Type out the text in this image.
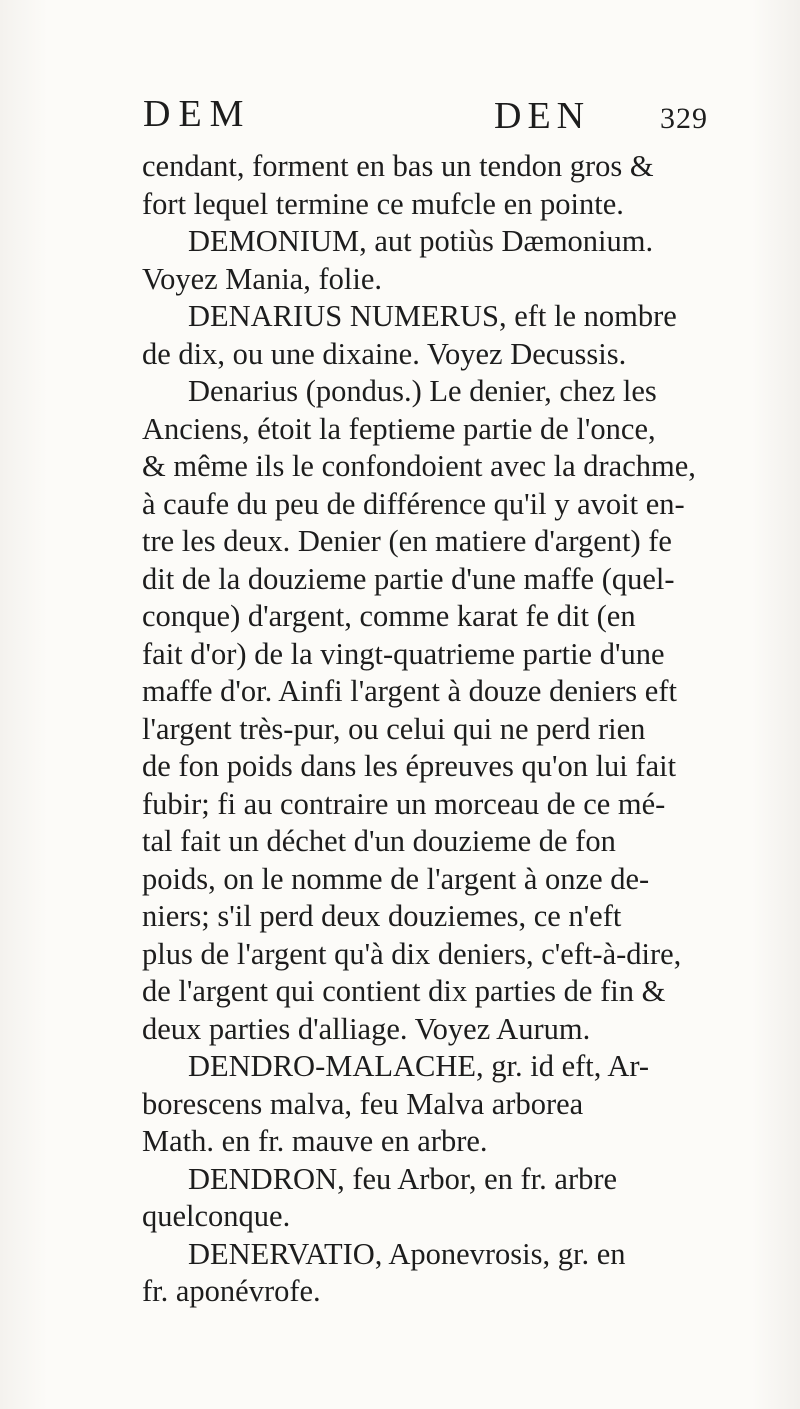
DEM	DEN 329

cendant, forment en bas un tendon gros &
fort lequel termine ce mufcle en pointe.

DEMONIUM, aut potiùs Dæmonium.
Voyez Mania, folie.

DENARIUS NUMERUS, eft le nombre
de dix, ou une dixaine. Voyez Decussis.

Denarius (pondus.) Le denier, chez les
Anciens, étoit la feptieme partie de l'once,
& même ils le confondoient avec la drachme,
à caufe du peu de différence qu'il y avoit en-
tre les deux. Denier (en matiere d'argent) fe
dit de la douzieme partie d'une maffe (quel-
conque) d'argent, comme karat fe dit (en
fait d'or) de la vingt-quatrieme partie d'une
maffe d'or. Ainfi l'argent à douze deniers eft
l'argent très-pur, ou celui qui ne perd rien
de fon poids dans les épreuves qu'on lui fait
fubir; fi au contraire un morceau de ce mé-
tal fait un déchet d'un douzieme de fon
poids, on le nomme de l'argent à onze de-
niers; s'il perd deux douziemes, ce n'eft
plus de l'argent qu'à dix deniers, c'eft-à-dire,
de l'argent qui contient dix parties de fin &
deux parties d'alliage. Voyez Aurum.

DENDRO-MALACHE, gr. id eft, Ar-
borescens malva, feu Malva arborea
Math. en fr. mauve en arbre.

DENDRON, feu Arbor, en fr. arbre
quelconque.

DENERVATIO, Aponevrosis, gr. en
fr. aponévrofe.
